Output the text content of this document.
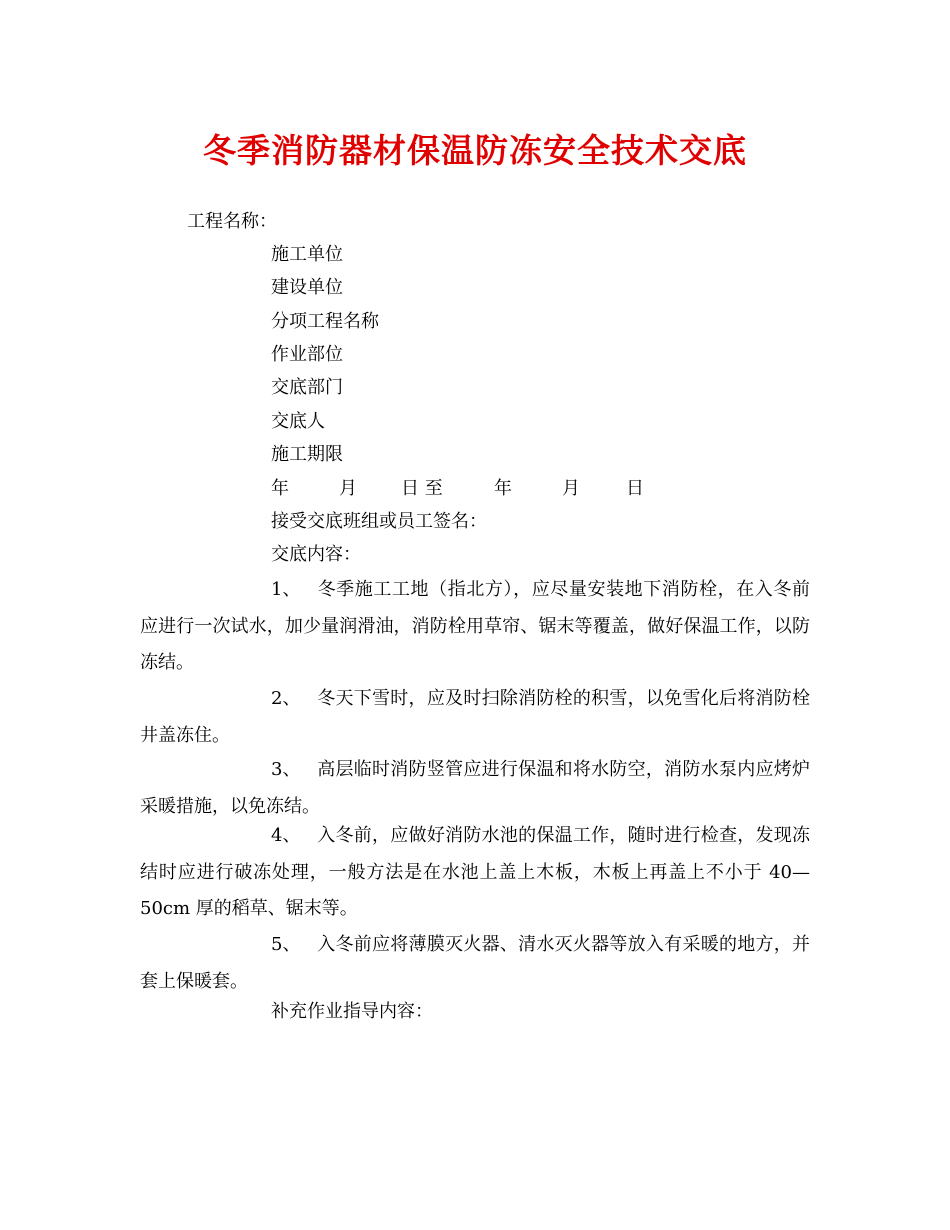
冬季消防器材保温防冻安全技术交底

工程名称：

施工单位

建设单位

分项工程名称

作业部位

交底部门

交底人

施工期限

年	月 日 至	年	月	日

接受交底班组或员工签名：

交底内容：

1、 冬季施工工地（指北方），应尽量安装地下消防栓，在入冬前应进行一次试水，加少量润滑油，消防栓用草帘、锯末等覆盖，做好保温工作，以防冻结。

2、 冬天下雪时，应及时扫除消防栓的积雪，以免雪化后将消防栓井盖冻住。

3、 高层临时消防竖管应进行保温和将水防空，消防水泵内应烤炉采暖措施，以免冻结。

4、 入冬前，应做好消防水池的保温工作，随时进行检查，发现冻结时应进行破冻处理，一般方法是在水池上盖上木板，木板上再盖上不小于 40—50cm 厚的稻草、锯末等。

5、 入冬前应将薄膜灭火器、清水灭火器等放入有采暖的地方，并套上保暖套。

补充作业指导内容：
